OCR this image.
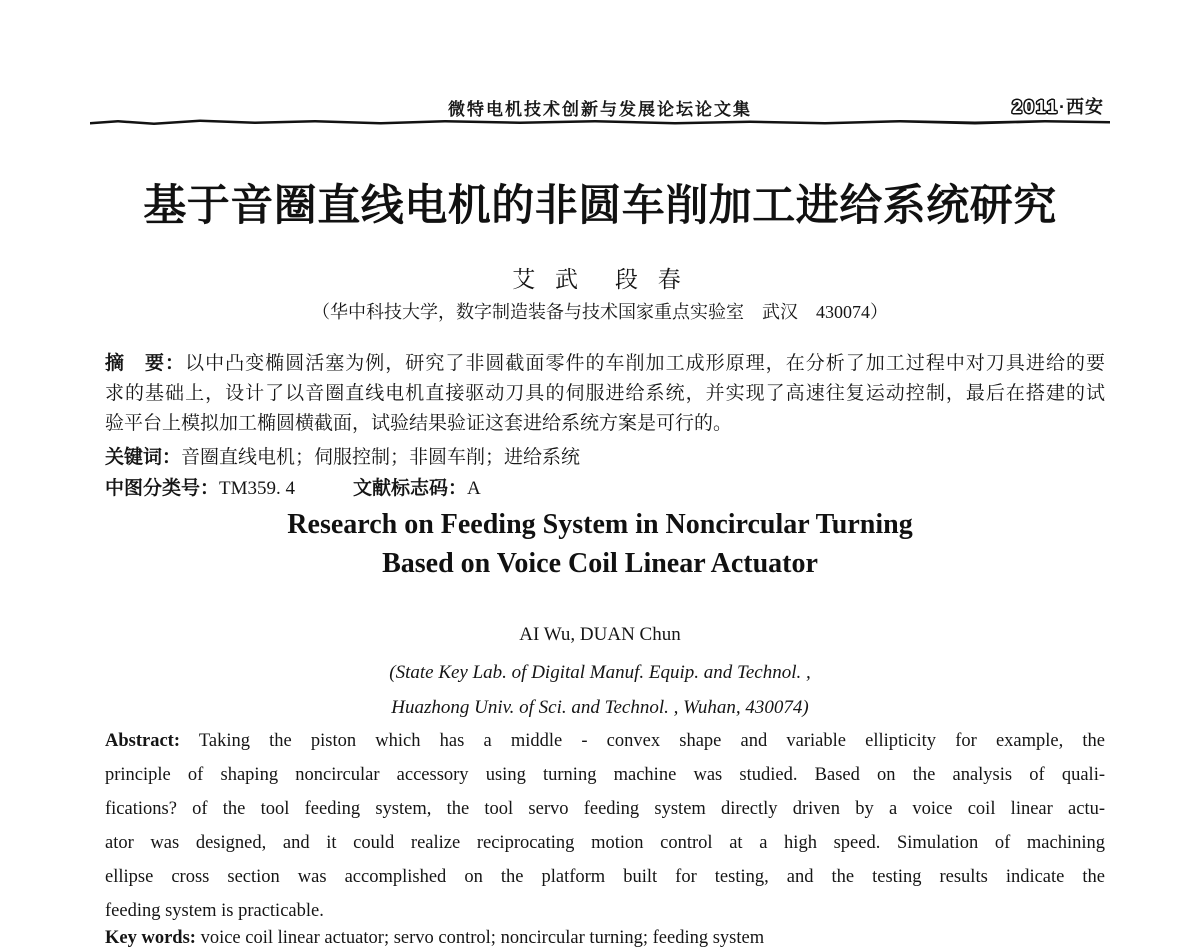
微特电机技术创新与发展论坛论文集	2011·西安
基于音圈直线电机的非圆车削加工进给系统研究
艾 武　段 春
（华中科技大学，数字制造装备与技术国家重点实验室　武汉　430074）
摘　要：以中凸变椭圆活塞为例，研究了非圆截面零件的车削加工成形原理，在分析了加工过程中对刀具进给的要
求的基础上，设计了以音圈直线电机直接驱动刀具的伺服进给系统，并实现了高速往复运动控制，最后在搭建的试
验平台上模拟加工椭圆横截面，试验结果验证这套进给系统方案是可行的。
关键词：音圈直线电机；伺服控制；非圆车削；进给系统
中图分类号：TM359. 4	文献标志码：A
Research on Feeding System in Noncircular Turning
Based on Voice Coil Linear Actuator
AI Wu, DUAN Chun
(State Key Lab. of Digital Manuf. Equip. and Technol. ,
Huazhong Univ. of Sci. and Technol. , Wuhan, 430074)
Abstract: Taking the piston which has a middle - convex shape and variable ellipticity for example, the
principle of shaping noncircular accessory using turning machine was studied. Based on the analysis of quali-
fications? of the tool feeding system, the tool servo feeding system directly driven by a voice coil linear actu-
ator was designed, and it could realize reciprocating motion control at a high speed. Simulation of machining
ellipse cross section was accomplished on the platform built for testing, and the testing results indicate the
feeding system is practicable.
Key words: voice coil linear actuator; servo control; noncircular turning; feeding system
